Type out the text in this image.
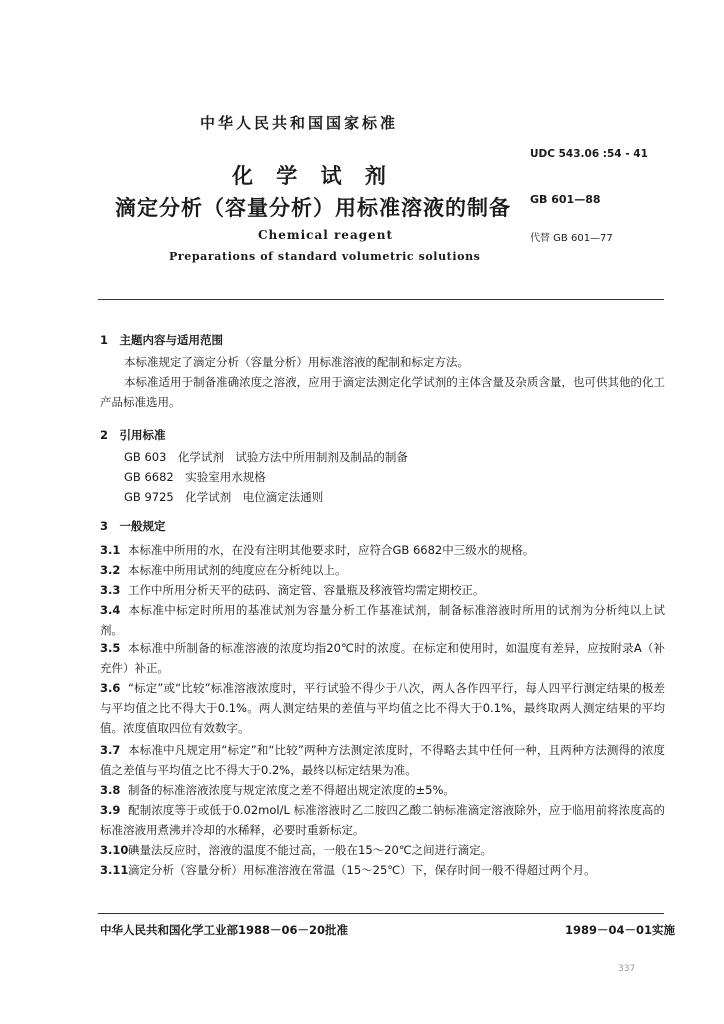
中华人民共和国国家标准
UDC 543.06 :54 - 41
化 学 试 剂
滴定分析（容量分析）用标准溶液的制备 GB 601—88
Chemical reagent	代替 GB 601—77
Preparations of standard volumetric solutions
1　主题内容与适用范围
本标准规定了滴定分析（容量分析）用标准溶液的配制和标定方法。
本标准适用于制备准确浓度之溶液，应用于滴定法测定化学试剂的主体含量及杂质含量，也可供其他的化工产品标准选用。
2　引用标准
GB 603　化学试剂　试验方法中所用制剂及制品的制备
GB 6682　实验室用水规格
GB 9725　化学试剂　电位滴定法通则
3　一般规定
3.1 本标准中所用的水，在没有注明其他要求时，应符合GB 6682中三级水的规格。
3.2 本标准中所用试剂的纯度应在分析纯以上。
3.3 工作中所用分析天平的砝码、滴定管、容量瓶及移液管均需定期校正。
3.4 本标准中标定时所用的基准试剂为容量分析工作基准试剂，制备标准溶液时所用的试剂为分析纯以上试剂。
3.5 本标准中所制备的标准溶液的浓度均指20℃时的浓度。在标定和使用时，如温度有差异，应按附录A（补充件）补正。
3.6 “标定”或“比较”标准溶液浓度时，平行试验不得少于八次，两人各作四平行，每人四平行测定结果的极差与平均值之比不得大于0.1%。两人测定结果的差值与平均值之比不得大于0.1%，最终取两人测定结果的平均值。浓度值取四位有效数字。
3.7 本标准中凡规定用“标定”和“比较”两种方法测定浓度时，不得略去其中任何一种，且两种方法测得的浓度值之差值与平均值之比不得大于0.2%，最终以标定结果为准。
3.8 制备的标准溶液浓度与规定浓度之差不得超出规定浓度的±5%。
3.9 配制浓度等于或低于0.02mol/L 标准溶液时乙二胺四乙酸二钠标准滴定溶液除外，应于临用前将浓度高的标准溶液用煮沸并冷却的水稀释，必要时重新标定。
3.10碘量法反应时，溶液的温度不能过高，一般在15～20℃之间进行滴定。
3.11滴定分析（容量分析）用标准溶液在常温（15～25℃）下，保存时间一般不得超过两个月。
中华人民共和国化学工业部1988－06－20批准	1989－04－01实施
337
